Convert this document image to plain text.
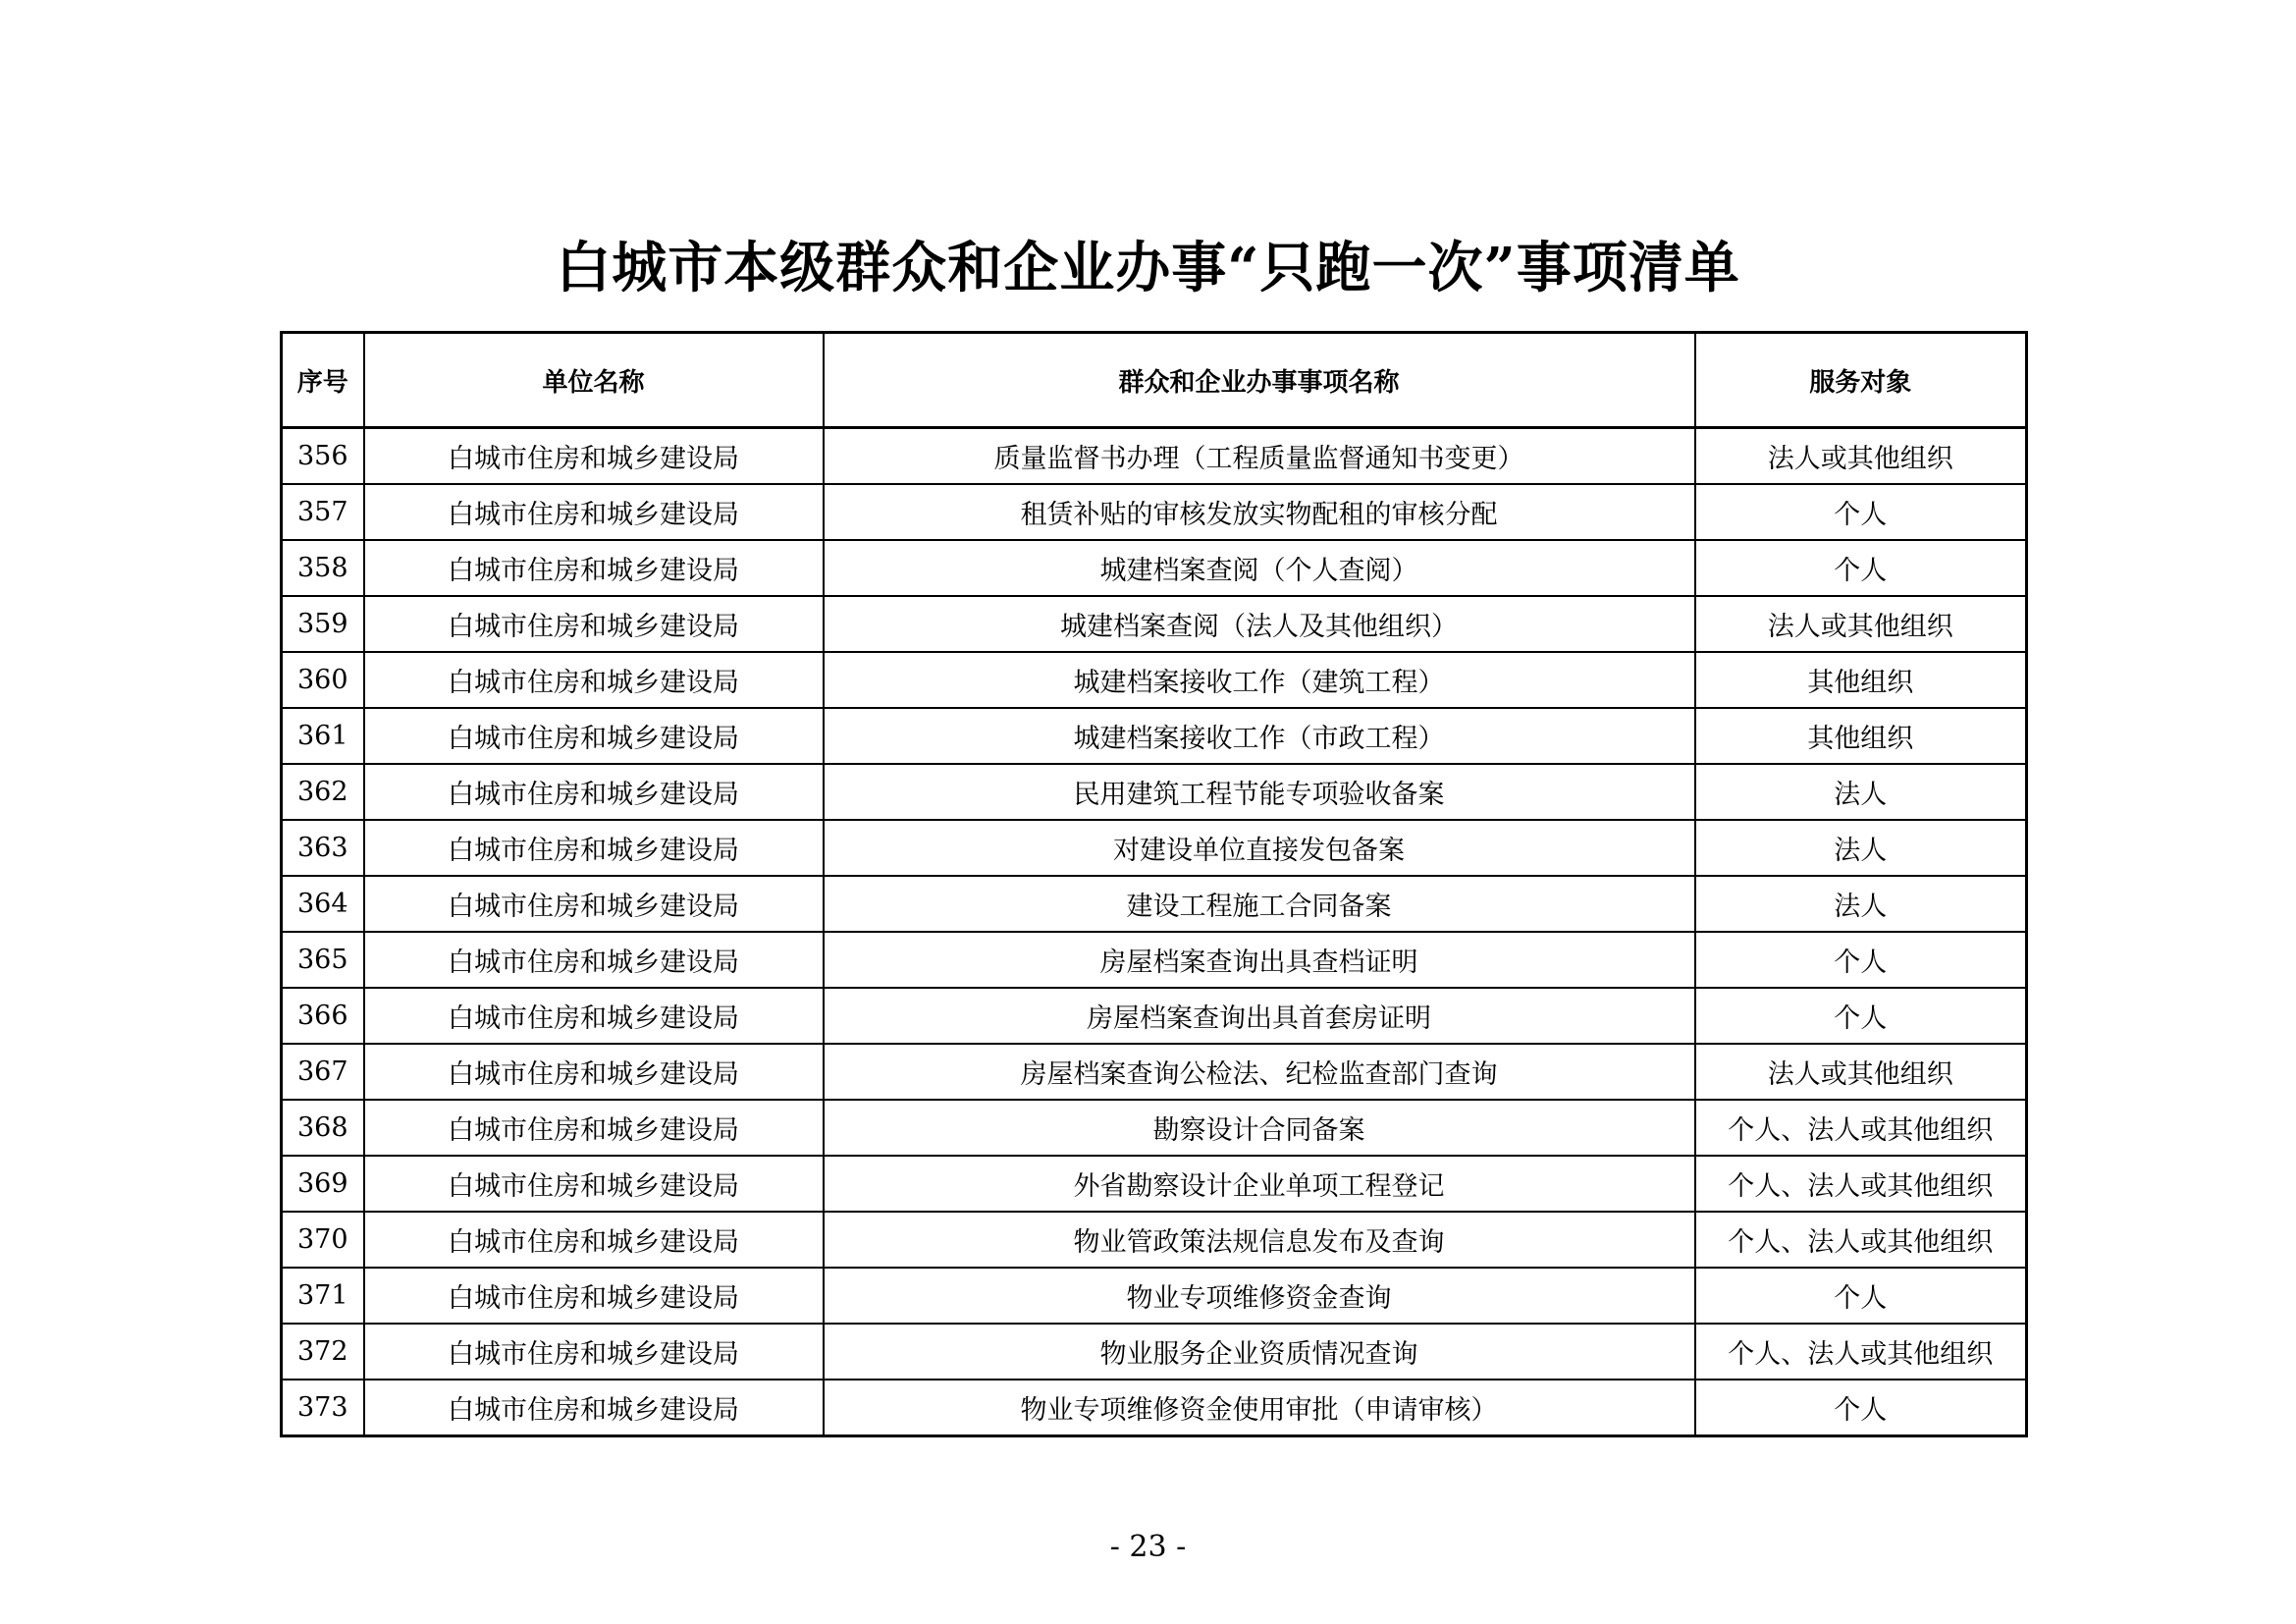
白城市本级群众和企业办事“只跑一次”事项清单
序号	单位名称	群众和企业办事事项名称	服务对象
356	白城市住房和城乡建设局	质量监督书办理（工程质量监督通知书变更）	法人或其他组织
357	白城市住房和城乡建设局	租赁补贴的审核发放实物配租的审核分配	个人
358	白城市住房和城乡建设局	城建档案查阅（个人查阅）	个人
359	白城市住房和城乡建设局	城建档案查阅（法人及其他组织）	法人或其他组织
360	白城市住房和城乡建设局	城建档案接收工作（建筑工程）	其他组织
361	白城市住房和城乡建设局	城建档案接收工作（市政工程）	其他组织
362	白城市住房和城乡建设局	民用建筑工程节能专项验收备案	法人
363	白城市住房和城乡建设局	对建设单位直接发包备案	法人
364	白城市住房和城乡建设局	建设工程施工合同备案	法人
365	白城市住房和城乡建设局	房屋档案查询出具查档证明	个人
366	白城市住房和城乡建设局	房屋档案查询出具首套房证明	个人
367	白城市住房和城乡建设局	房屋档案查询公检法、纪检监查部门查询	法人或其他组织
368	白城市住房和城乡建设局	勘察设计合同备案	个人、法人或其他组织
369	白城市住房和城乡建设局	外省勘察设计企业单项工程登记	个人、法人或其他组织
370	白城市住房和城乡建设局	物业管政策法规信息发布及查询	个人、法人或其他组织
371	白城市住房和城乡建设局	物业专项维修资金查询	个人
372	白城市住房和城乡建设局	物业服务企业资质情况查询	个人、法人或其他组织
373	白城市住房和城乡建设局	物业专项维修资金使用审批（申请审核）	个人
- 23 -
